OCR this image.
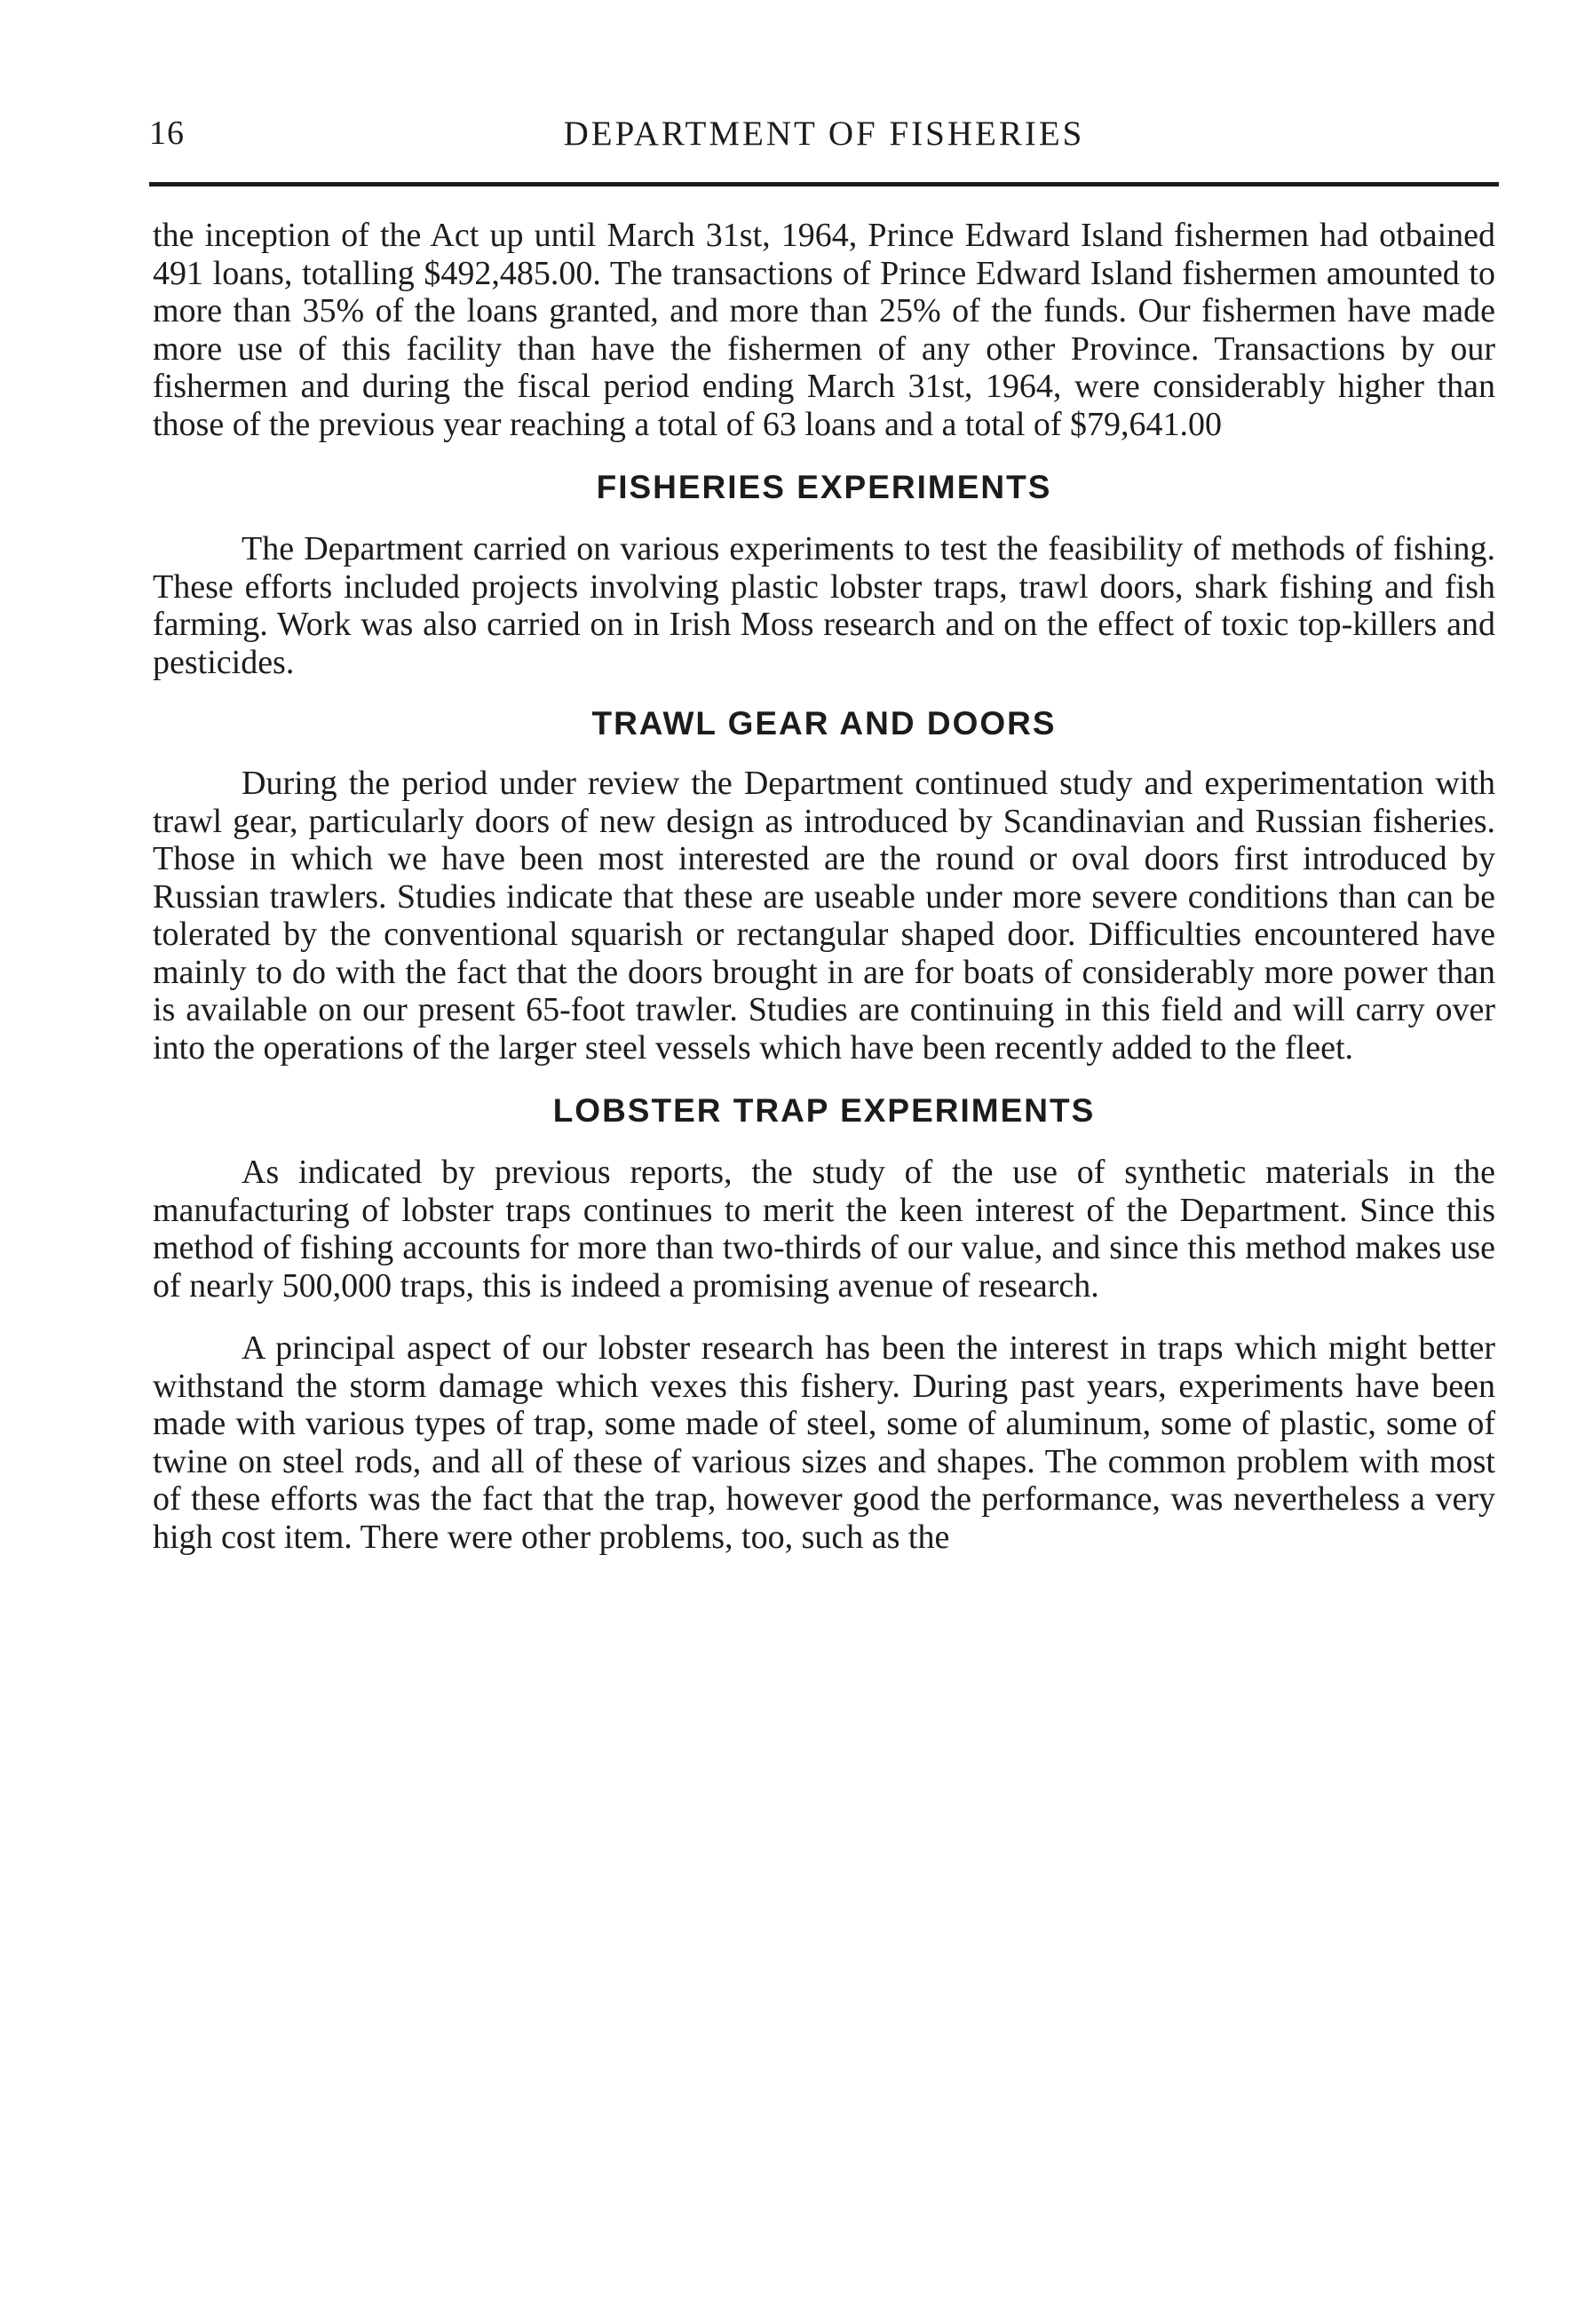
16	DEPARTMENT OF FISHERIES

the inception of the Act up until March 31st, 1964, Prince Edward Island fishermen had otbained 491 loans, totalling $492,485.00. The transactions of Prince Edward Island fishermen amounted to more than 35% of the loans granted, and more than 25% of the funds. Our fishermen have made more use of this facility than have the fishermen of any other Province. Transactions by our fishermen and during the fiscal period ending March 31st, 1964, were considerably higher than those of the previous year reaching a total of 63 loans and a total of $79,641.00

FISHERIES EXPERIMENTS

The Department carried on various experiments to test the feasibility of methods of fishing. These efforts included projects involving plastic lobster traps, trawl doors, shark fishing and fish farming. Work was also carried on in Irish Moss research and on the effect of toxic top-killers and pesticides.

TRAWL GEAR AND DOORS

During the period under review the Department continued study and experimentation with trawl gear, particularly doors of new design as introduced by Scandinavian and Russian fisheries. Those in which we have been most interested are the round or oval doors first introduced by Russian trawlers. Studies indicate that these are useable under more severe conditions than can be tolerated by the conventional squarish or rectangular shaped door. Difficulties encountered have mainly to do with the fact that the doors brought in are for boats of considerably more power than is available on our present 65-foot trawler. Studies are continuing in this field and will carry over into the operations of the larger steel vessels which have been recently added to the fleet.

LOBSTER TRAP EXPERIMENTS

As indicated by previous reports, the study of the use of synthetic materials in the manufacturing of lobster traps continues to merit the keen interest of the Department. Since this method of fishing accounts for more than two-thirds of our value, and since this method makes use of nearly 500,000 traps, this is indeed a promising avenue of research.

A principal aspect of our lobster research has been the interest in traps which might better withstand the storm damage which vexes this fishery. During past years, experiments have been made with various types of trap, some made of steel, some of aluminum, some of plastic, some of twine on steel rods, and all of these of various sizes and shapes. The common problem with most of these efforts was the fact that the trap, however good the performance, was nevertheless a very high cost item. There were other problems, too, such as the
